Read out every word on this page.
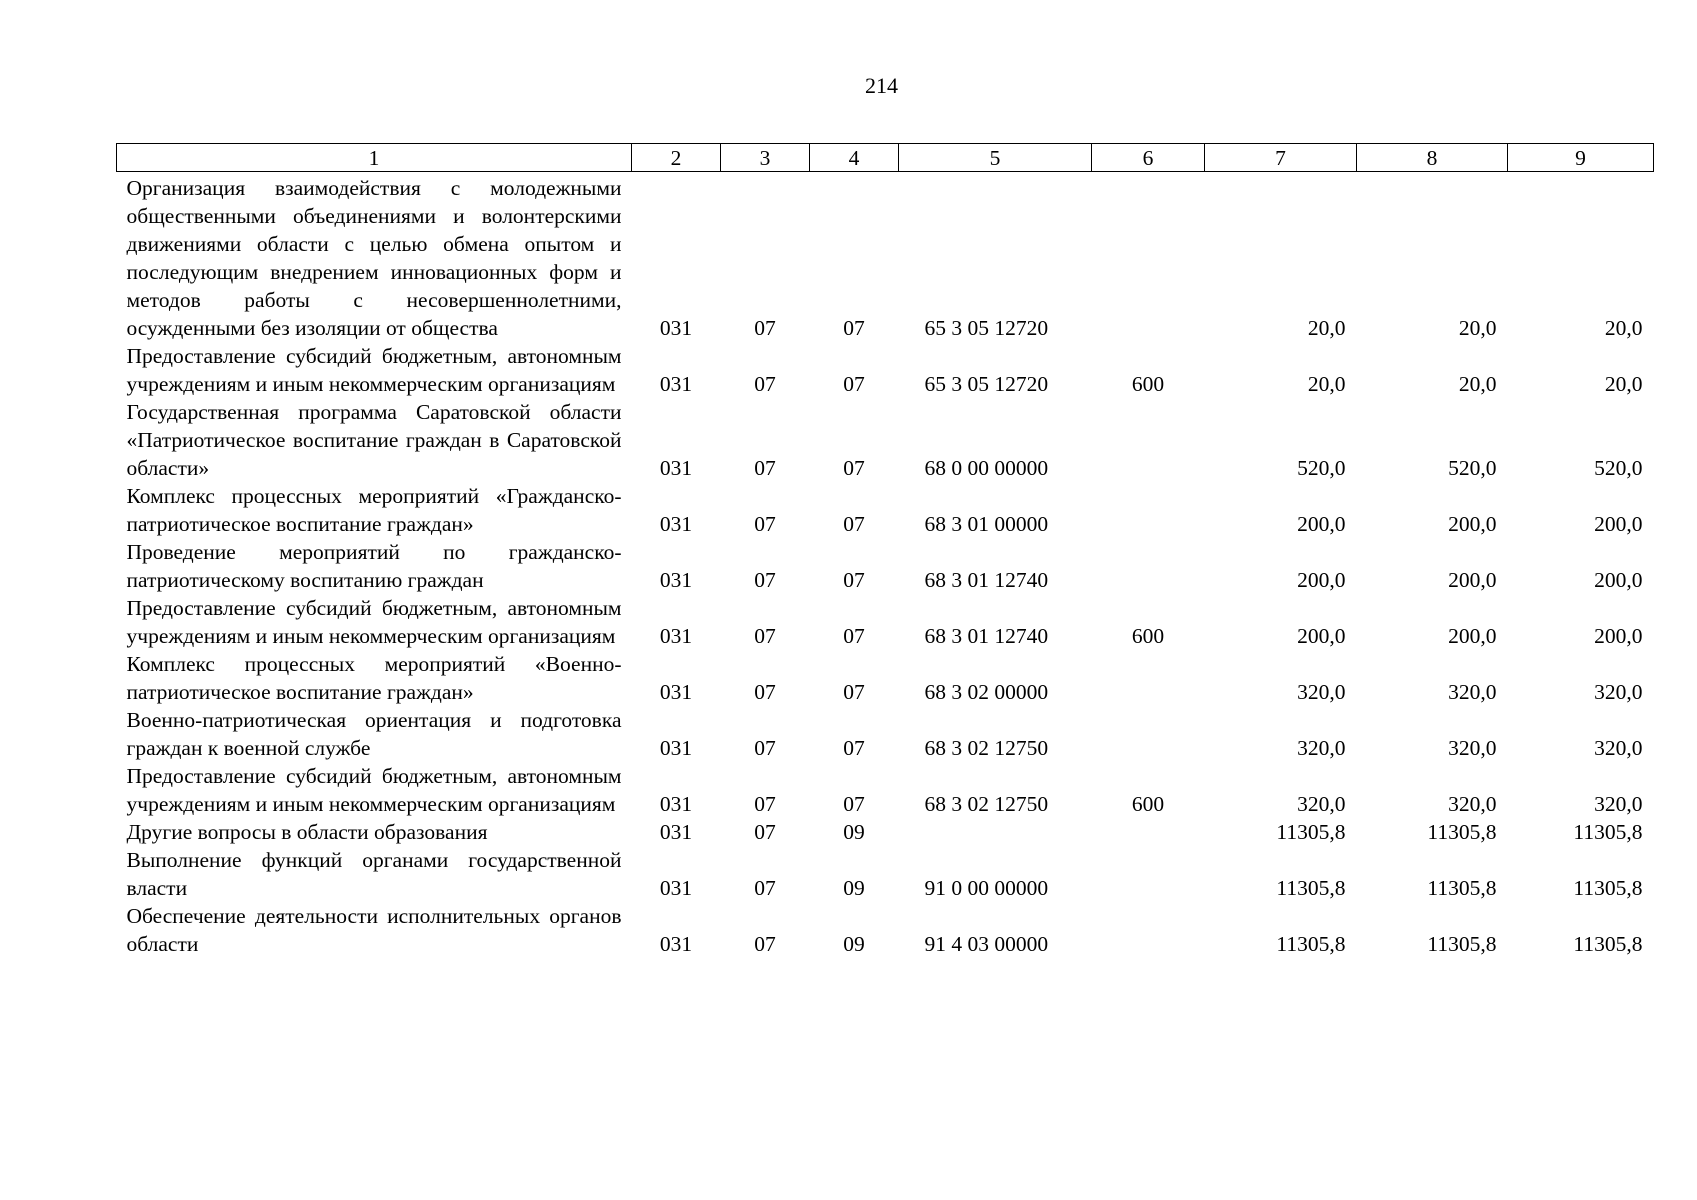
214
1	2	3	4	5	6	7	8	9
Организация взаимодействия с молодежными общественными объединениями и волонтерскими движениями области с целью обмена опытом и последующим внедрением инновационных форм и методов работы с несовершеннолетними, осужденными без изоляции от общества	031	07	07	65 3 05 12720		20,0	20,0	20,0
Предоставление субсидий бюджетным, автономным учреждениям и иным некоммерческим организациям	031	07	07	65 3 05 12720	600	20,0	20,0	20,0
Государственная программа Саратовской области «Патриотическое воспитание граждан в Саратовской области»	031	07	07	68 0 00 00000		520,0	520,0	520,0
Комплекс процессных мероприятий «Гражданско-патриотическое воспитание граждан»	031	07	07	68 3 01 00000		200,0	200,0	200,0
Проведение мероприятий по гражданско-патриотическому воспитанию граждан	031	07	07	68 3 01 12740		200,0	200,0	200,0
Предоставление субсидий бюджетным, автономным учреждениям и иным некоммерческим организациям	031	07	07	68 3 01 12740	600	200,0	200,0	200,0
Комплекс процессных мероприятий «Военно-патриотическое воспитание граждан»	031	07	07	68 3 02 00000		320,0	320,0	320,0
Военно-патриотическая ориентация и подготовка граждан к военной службе	031	07	07	68 3 02 12750		320,0	320,0	320,0
Предоставление субсидий бюджетным, автономным учреждениям и иным некоммерческим организациям	031	07	07	68 3 02 12750	600	320,0	320,0	320,0
Другие вопросы в области образования	031	07	09			11305,8	11305,8	11305,8
Выполнение функций органами государственной власти	031	07	09	91 0 00 00000		11305,8	11305,8	11305,8
Обеспечение деятельности исполнительных органов области	031	07	09	91 4 03 00000		11305,8	11305,8	11305,8
